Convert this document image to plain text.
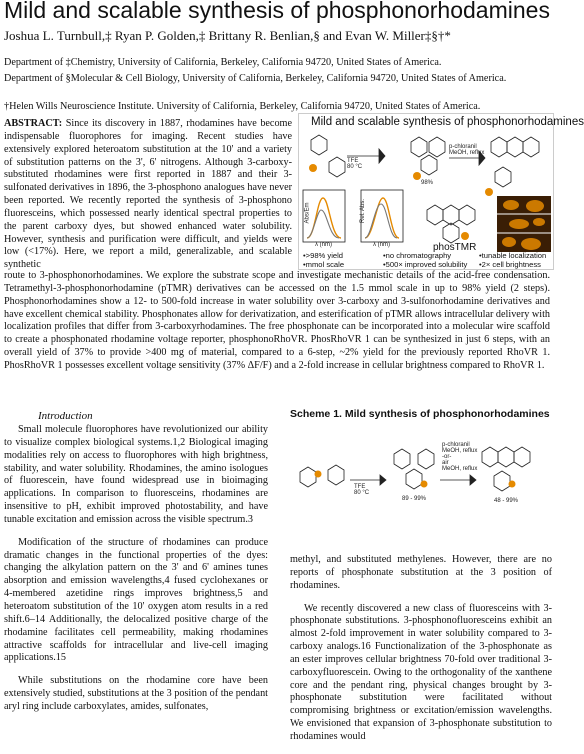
Mild and scalable synthesis of phosphonorhodamines
Joshua L. Turnbull,‡ Ryan P. Golden,‡ Brittany R. Benlian,§ and Evan W. Miller‡§†*
Department of ‡Chemistry, University of California, Berkeley, California 94720, United States of America.
Department of §Molecular & Cell Biology, University of California, Berkeley, California 94720, United States of America.
†Helen Wills Neuroscience Institute. University of California, Berkeley, California 94720, United States of America.
ABSTRACT: Since its discovery in 1887, rhodamines have become indispensable fluorophores for imaging. Recent studies have extensively explored heteroatom substitution at the 10' and a variety of substitution patterns on the 3', 6' nitrogens. Although 3-carboxy-substituted rhodamines were first reported in 1887 and their 3-sulfonated derivatives in 1896, the 3-phosphono analogues have never been reported. We recently reported the synthesis of 3-phosphono fluoresceins, which possessed nearly identical spectral properties to the parent carboxy dyes, but showed enhanced water solubility. However, synthesis and purification were difficult, and yields were low (<17%). Here, we report a mild, generalizable, and scalable synthetic
Mild and scalable synthesis of phosphonorhodamines
TFE
80 °C
p-chloranil
MeOH, reflux
98%
Abs/Em	Rel. Abs.
λ (nm)	λ (nm)	phosTMR
•>98% yield
•mmol scale
•no chromatography
•500× improved solubility
•tunable localization
•2× cell brightness
route to 3-phosphonorhodamines. We explore the substrate scope and investigate mechanistic details of the acid-free condensation. Tetramethyl-3-phosphonorhodamine (pTMR) derivatives can be accessed on the 1.5 mmol scale in up to 98% yield (2 steps). Phosphonorhodamines show a 12- to 500-fold increase in water solubility over 3-carboxy and 3-sulfonorhodamine derivatives and have excellent chemical stability. Phosphonates allow for derivatization, and esterification of pTMR allows intracellular delivery with localization profiles that differ from 3-carboxyrhodamines. The free phosphonate can be incorporated into a molecular wire scaffold to create a phosphonated rhodamine voltage reporter, phosphonoRhoVR. PhosRhoVR 1 can be synthesized in just 6 steps, with an overall yield of 37% to provide >400 mg of material, compared to a 6-step, ~2% yield for the previously reported RhoVR 1. PhosRhoVR 1 possesses excellent voltage sensitivity (37% ΔF/F) and a 2-fold increase in cellular brightness compared to RhoVR 1.
Introduction

Small molecule fluorophores have revolutionized our ability to visualize complex biological systems.1,2 Biological imaging modalities rely on access to fluorophores with high brightness, stability, and water solubility. Rhodamines, the amino isologues of fluorescein, have found widespread use in bioimaging applications. In comparison to fluoresceins, rhodamines are insensitive to pH, exhibit improved photostability, and have tunable excitation and emission across the visible spectrum.3

Modification of the structure of rhodamines can produce dramatic changes in the functional properties of the dyes: changing the alkylation pattern on the 3' and 6' amines tunes absorption and emission wavelengths,4 fused cyclohexanes or 4-membered azetidine rings improves brightness,5 and heteroatom substitution of the 10' oxygen atom results in a red shift.6–14 Additionally, the delocalized positive charge of the rhodamine facilitates cell permeability, making rhodamines attractive scaffolds for intracellular and live-cell imaging applications.15

While substitutions on the rhodamine core have been extensively studied, substitutions at the 3 position of the pendant aryl ring include carboxylates, amides, sulfonates,

Scheme 1. Mild synthesis of phosphonorhodamines
TFE
80 °C
89 - 99%
p-chloranil
MeOH, reflux
-or-
air
MeOH, reflux
48 - 99%

methyl, and substituted methylenes. However, there are no reports of phosphonate substitution at the 3 position of rhodamines.

We recently discovered a new class of fluoresceins with 3-phosphonate substitutions. 3-phosphonofluoresceins exhibit an almost 2-fold improvement in water solubility compared to 3-carboxy analogs.16 Functionalization of the 3-phosphonate as an ester improves cellular brightness 70-fold over traditional 3-carboxyfluorescein. Owing to the orthogonality of the xanthene core and the pendant ring, physical changes brought by 3-phosphonate substitution were facilitated without compromising brightness or excitation/emission wavelengths. We envisioned that expansion of 3-phosphonate substitution to rhodamines would
